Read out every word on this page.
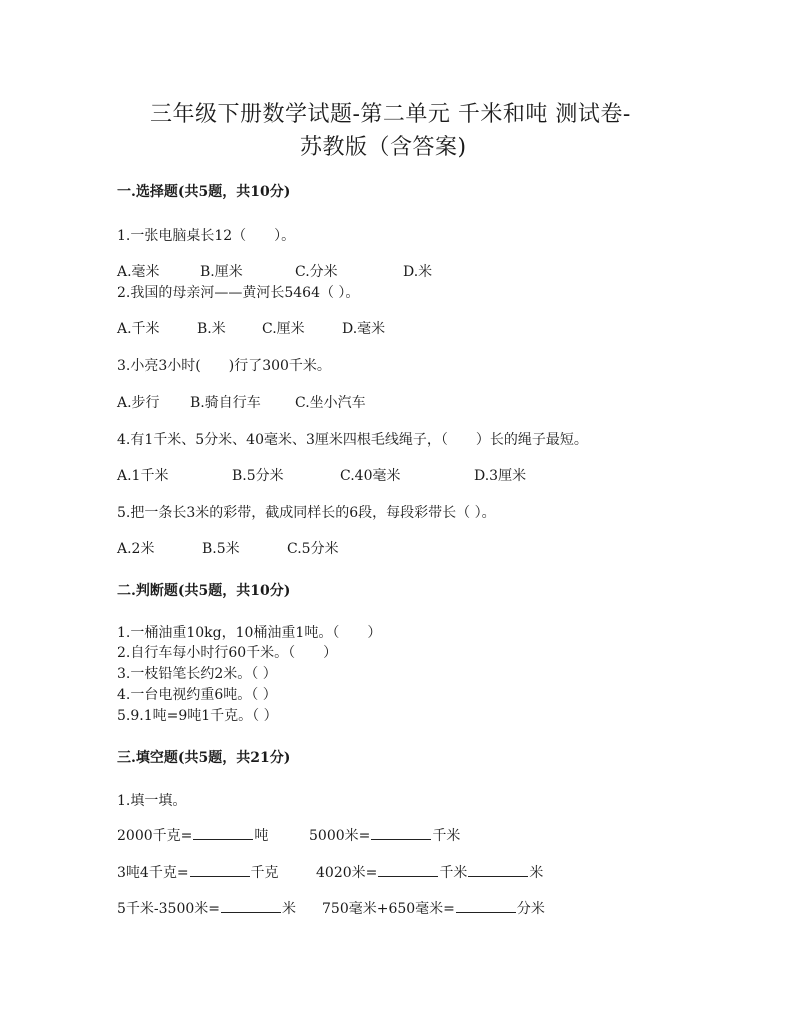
三年级下册数学试题-第二单元 千米和吨 测试卷-
苏教版（含答案)
一.选择题(共5题，共10分)
1.一张电脑桌长12（　　）。
A.毫米	B.厘米	C.分米	D.米
2.我国的母亲河——黄河长5464（ ）。
A.千米	B.米	C.厘米	D.毫米
3.小亮3小时(　　)行了300千米。
A.步行 B.骑自行车 C.坐小汽车
4.有1千米、5分米、40毫米、3厘米四根毛线绳子，（　　）长的绳子最短。
A.1千米	B.5分米	C.40毫米	D.3厘米
5.把一条长3米的彩带，截成同样长的6段，每段彩带长（ ）。
A.2米	B.5米	C.5分米
二.判断题(共5题，共10分)
1.一桶油重10kg，10桶油重1吨。（　　）
2.自行车每小时行60千米。（　　）
3.一枝铅笔长约2米。（ ）
4.一台电视约重6吨。（ ）
5.9.1吨=9吨1千克。（ ）
三.填空题(共5题，共21分)
1.填一填。
2000千克=	吨	5000米=	千米
3吨4千克=	千克	4020米=	千米	米
5千米-3500米=	米 750毫米+650毫米=	分米
